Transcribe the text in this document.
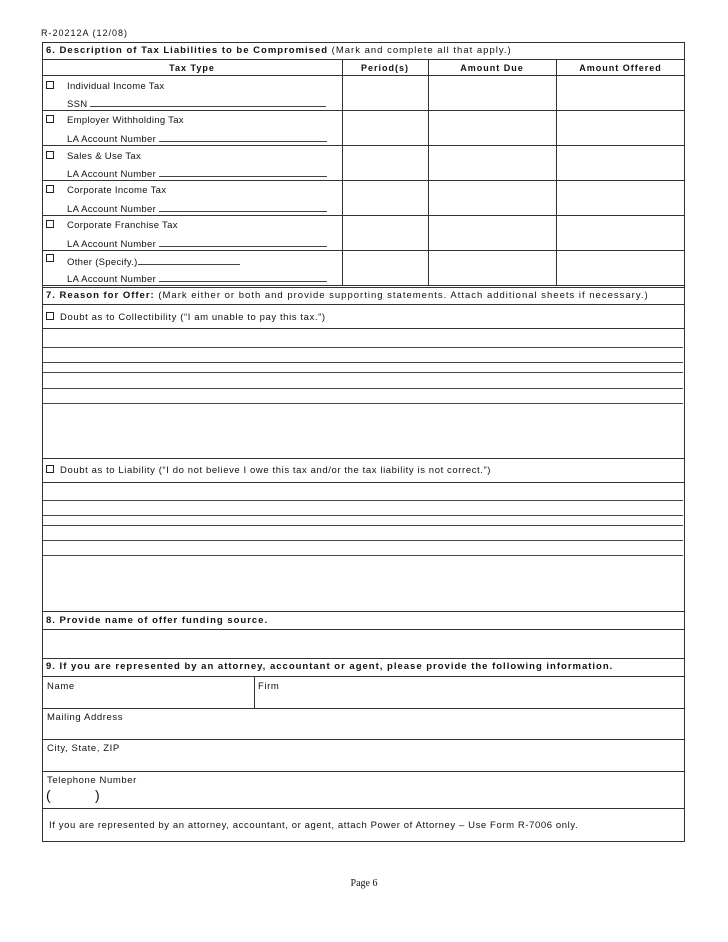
R-20212A (12/08)
6. Description of Tax Liabilities to be Compromised (Mark and complete all that apply.)
Tax Type	Period(s)	Amount Due	Amount Offered
Individual Income Tax
SSN
Employer Withholding Tax
LA Account Number
Sales & Use Tax
LA Account Number
Corporate Income Tax
LA Account Number
Corporate Franchise Tax
LA Account Number
Other (Specify.)
LA Account Number
7. Reason for Offer: (Mark either or both and provide supporting statements. Attach additional sheets if necessary.)
Doubt as to Collectibility (“I am unable to pay this tax.”)
Doubt as to Liability (“I do not believe I owe this tax and/or the tax liability is not correct.”)
8. Provide name of offer funding source.
9. If you are represented by an attorney, accountant or agent, please provide the following information.
Name	Firm
Mailing Address
City, State, ZIP
Telephone Number
(	)
If you are represented by an attorney, accountant, or agent, attach Power of Attorney – Use Form R-7006 only.
Page 6
